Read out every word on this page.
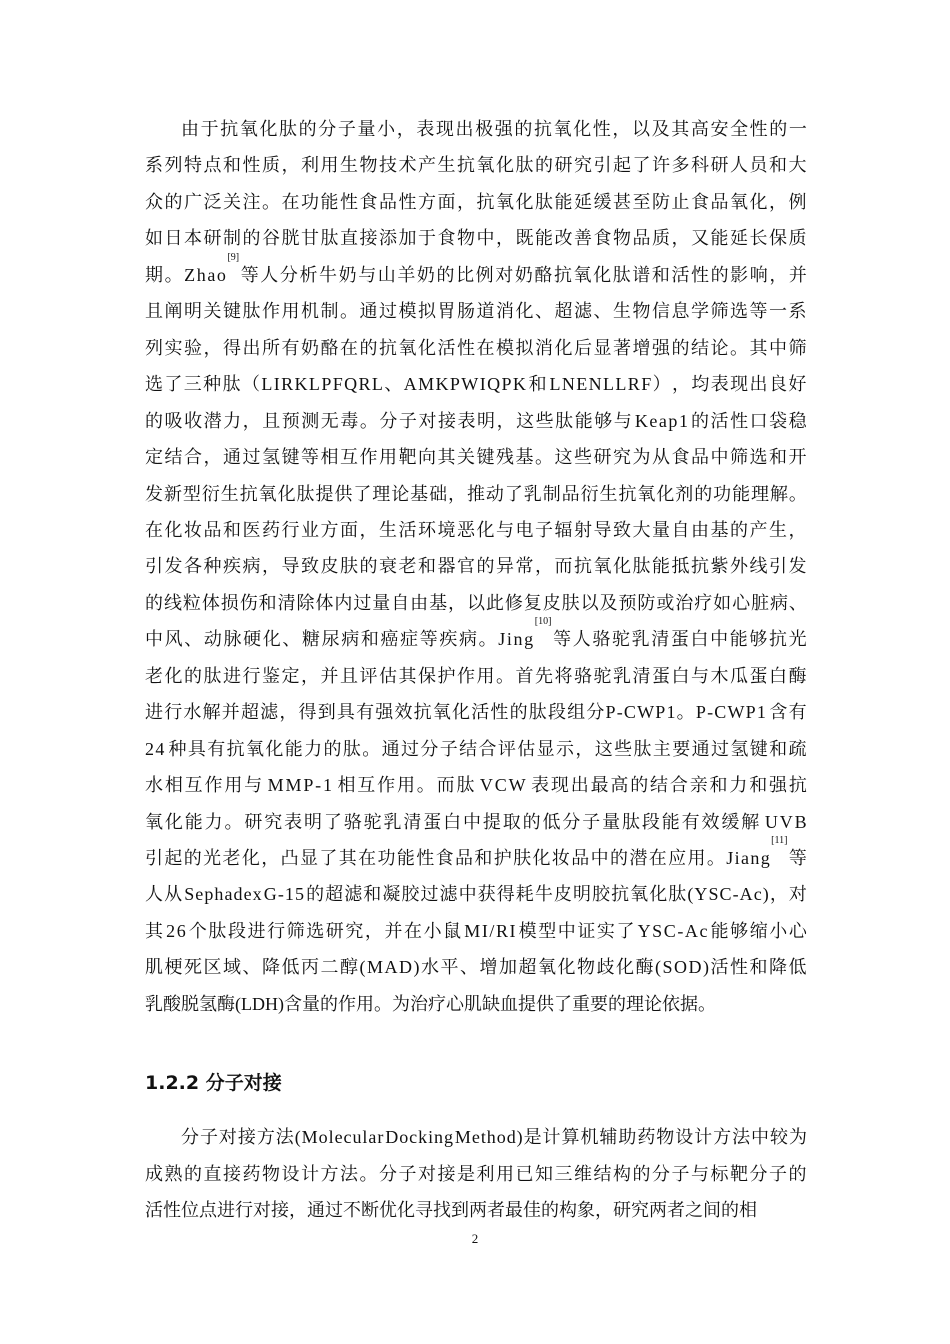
由 于 抗 氧 化 肽 的 分 子 量 小 ， 表 现 出 极 强 的 抗 氧 化 性 ， 以 及 其 高 安 全 性 的 一
系 列 特 点 和 性 质 ， 利 用 生 物 技 术 产 生 抗 氧 化 肽 的 研 究 引 起 了 许 多 科 研 人 员 和 大
众 的 广 泛 关 注 。 在 功 能 性 食 品 性 方 面 ， 抗 氧 化 肽 能 延 缓 甚 至 防 止 食 品 氧 化 ， 例
如 日 本 研 制 的 谷 胱 甘 肽 直 接 添 加 于 食 物 中 ， 既 能 改 善 食 物 品 质 ， 又 能 延 长 保 质
期 。 Z h a o
[9]
等 人 分 析 牛 奶 与 山 羊 奶 的 比 例 对 奶 酪 抗 氧 化 肽 谱 和 活 性 的 影 响 ， 并
且 阐 明 关 键 肽 作 用 机 制 。 通 过 模 拟 胃 肠 道 消 化 、 超 滤 、 生 物 信 息 学 筛 选 等 一 系
列 实 验 ， 得 出 所 有 奶 酪 在 的 抗 氧 化 活 性 在 模 拟 消 化 后 显 著 增 强 的 结 论 。 其 中 筛
选 了 三 种 肽 （ L I R K L P F Q R L 、 A M K P W I Q P K 和 L N E N L L R F ） ， 均 表 现 出 良 好
的 吸 收 潜 力 ， 且 预 测 无 毒 。 分 子 对 接 表 明 ， 这 些 肽 能 够 与 K e a p 1 的 活 性 口 袋 稳
定 结 合 ， 通 过 氢 键 等 相 互 作 用 靶 向 其 关 键 残 基 。 这 些 研 究 为 从 食 品 中 筛 选 和 开
发 新 型 衍 生 抗 氧 化 肽 提 供 了 理 论 基 础 ， 推 动 了 乳 制 品 衍 生 抗 氧 化 剂 的 功 能 理 解 。
在 化 妆 品 和 医 药 行 业 方 面 ， 生 活 环 境 恶 化 与 电 子 辐 射 导 致 大 量 自 由 基 的 产 生 ，
引 发 各 种 疾 病 ， 导 致 皮 肤 的 衰 老 和 器 官 的 异 常 ， 而 抗 氧 化 肽 能 抵 抗 紫 外 线 引 发
的 线 粒 体 损 伤 和 清 除 体 内 过 量 自 由 基 ， 以 此 修 复 皮 肤 以 及 预 防 或 治 疗 如 心 脏 病 、
中 风 、 动 脉 硬 化 、 糖 尿 病 和 癌 症 等 疾 病 。 J i n g
[10]
等 人 骆 驼 乳 清 蛋 白 中 能 够 抗 光
老 化 的 肽 进 行 鉴 定 ， 并 且 评 估 其 保 护 作 用 。 首 先 将 骆 驼 乳 清 蛋 白 与 木 瓜 蛋 白 酶
进 行 水 解 并 超 滤 ， 得 到 具 有 强 效 抗 氧 化 活 性 的 肽 段 组 分 P - C W P 1 。 P - C W P 1 含 有
2 4 种 具 有 抗 氧 化 能 力 的 肽 。 通 过 分 子 结 合 评 估 显 示 ， 这 些 肽 主 要 通 过 氢 键 和 疏
水 相 互 作 用 与 M M P - 1 相 互 作 用 。 而 肽 V C W 表 现 出 最 高 的 结 合 亲 和 力 和 强 抗
氧 化 能 力 。 研 究 表 明 了 骆 驼 乳 清 蛋 白 中 提 取 的 低 分 子 量 肽 段 能 有 效 缓 解 U V B
引 起 的 光 老 化 ， 凸 显 了 其 在 功 能 性 食 品 和 护 肤 化 妆 品 中 的 潜 在 应 用 。 J i a n g
[11]
等
人 从 S e p h a d e x G - 1 5 的 超 滤 和 凝 胶 过 滤 中 获 得 耗 牛 皮 明 胶 抗 氧 化 肽 ( Y S C - A c ) ， 对
其 2 6 个 肽 段 进 行 筛 选 研 究 ， 并 在 小 鼠 M I / R I 模 型 中 证 实 了 Y S C - A c 能 够 缩 小 心
肌 梗 死 区 域 、 降 低 丙 二 醇 ( M A D ) 水 平 、 增 加 超 氧 化 物 歧 化 酶 ( S O D ) 活 性 和 降 低
乳 酸 脱 氢 酶 ( L D H ) 含 量 的 作 用 。 为 治 疗 心 肌 缺 血 提 供 了 重 要 的 理 论 依 据 。
1.2.2 分子对接
分 子 对 接 方 法 ( M o l e c u l a r D o c k i n g M e t h o d ) 是 计 算 机 辅 助 药 物 设 计 方 法 中 较 为
成 熟 的 直 接 药 物 设 计 方 法 。 分 子 对 接 是 利 用 已 知 三 维 结 构 的 分 子 与 标 靶 分 子 的
活 性 位 点 进 行 对 接 ， 通 过 不 断 优 化 寻 找 到 两 者 最 佳 的 构 象 ， 研 究 两 者 之 间 的 相
2
